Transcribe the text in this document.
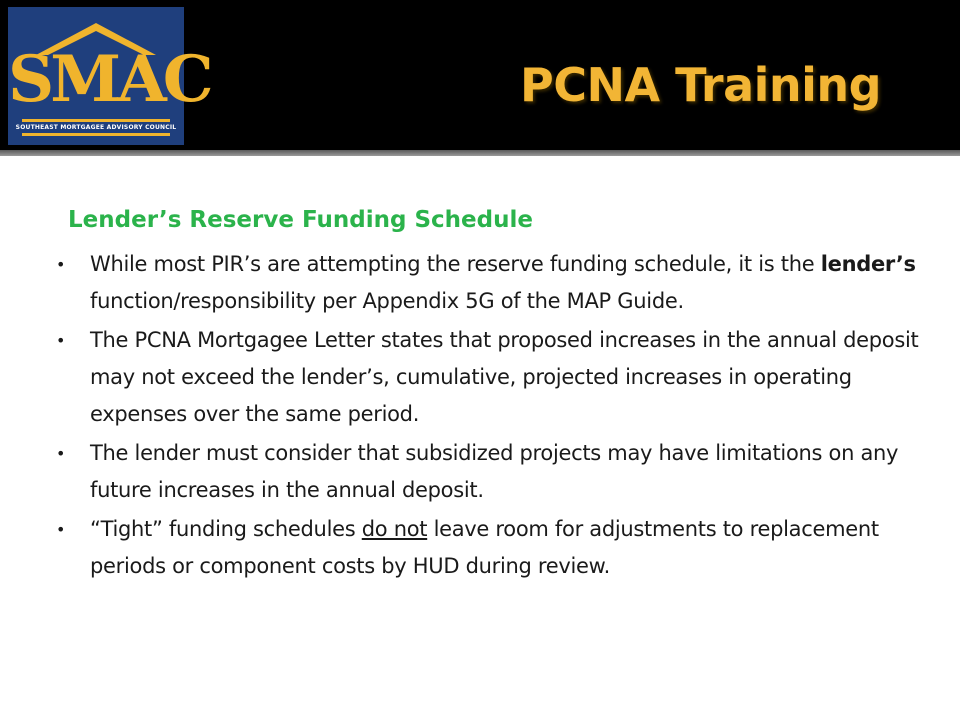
SMAC
SOUTHEAST MORTGAGEE ADVISORY COUNCIL
PCNA Training
Lender’s Reserve Funding Schedule
• While most PIR’s are attempting the reserve funding schedule, it is the lender’s function/responsibility per Appendix 5G of the MAP Guide.
• The PCNA Mortgagee Letter states that proposed increases in the annual deposit may not exceed the lender’s, cumulative, projected increases in operating expenses over the same period.
• The lender must consider that subsidized projects may have limitations on any future increases in the annual deposit.
• “Tight” funding schedules do not leave room for adjustments to replacement periods or component costs by HUD during review.
